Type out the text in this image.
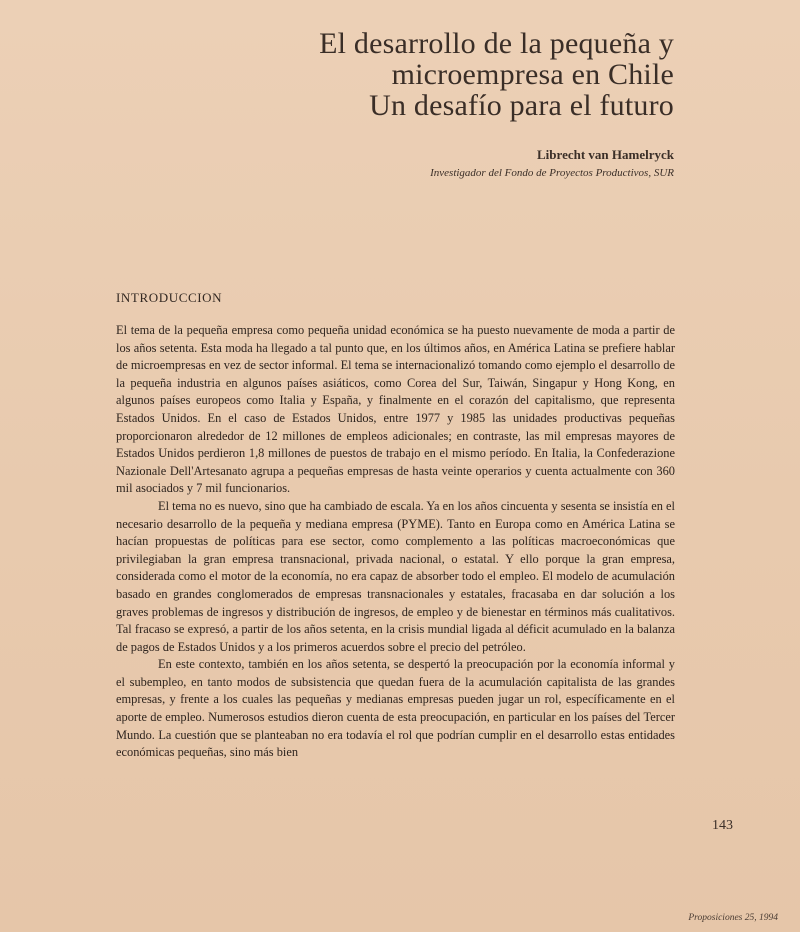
El desarrollo de la pequeña y
microempresa en Chile
Un desafío para el futuro
Librecht van Hamelryck
Investigador del Fondo de Proyectos Productivos, SUR
INTRODUCCION

El tema de la pequeña empresa como pequeña unidad económica se ha puesto nuevamente de moda a partir de los años setenta. Esta moda ha llegado a tal punto que, en los últimos años, en América Latina se prefiere hablar de microempresas en vez de sector informal. El tema se internacionalizó tomando como ejemplo el desarrollo de la pequeña industria en algunos países asiáticos, como Corea del Sur, Taiwán, Singapur y Hong Kong, en algunos países europeos como Italia y España, y finalmente en el corazón del capitalismo, que representa Estados Unidos. En el caso de Estados Unidos, entre 1977 y 1985 las unidades productivas pequeñas proporcionaron alrededor de 12 millones de empleos adicionales; en contraste, las mil empresas mayores de Estados Unidos perdieron 1,8 millones de puestos de trabajo en el mismo período. En Italia, la Confederazione Nazionale Dell'Artesanato agrupa a pequeñas empresas de hasta veinte operarios y cuenta actualmente con 360 mil asociados y 7 mil funcionarios.

El tema no es nuevo, sino que ha cambiado de escala. Ya en los años cincuenta y sesenta se insistía en el necesario desarrollo de la pequeña y mediana empresa (PYME). Tanto en Europa como en América Latina se hacían propuestas de políticas para ese sector, como complemento a las políticas macroeconómicas que privilegiaban la gran empresa transnacional, privada nacional, o estatal. Y ello porque la gran empresa, considerada como el motor de la economía, no era capaz de absorber todo el empleo. El modelo de acumulación basado en grandes conglomerados de empresas transnacionales y estatales, fracasaba en dar solución a los graves problemas de ingresos y distribución de ingresos, de empleo y de bienestar en términos más cualitativos. Tal fracaso se expresó, a partir de los años setenta, en la crisis mundial ligada al déficit acumulado en la balanza de pagos de Estados Unidos y a los primeros acuerdos sobre el precio del petróleo.

En este contexto, también en los años setenta, se despertó la preocupación por la economía informal y el subempleo, en tanto modos de subsistencia que quedan fuera de la acumulación capitalista de las grandes empresas, y frente a los cuales las pequeñas y medianas empresas pueden jugar un rol, específicamente en el aporte de empleo. Numerosos estudios dieron cuenta de esta preocupación, en particular en los países del Tercer Mundo. La cuestión que se planteaban no era todavía el rol que podrían cumplir en el desarrollo estas entidades económicas pequeñas, sino más bien

143
Proposiciones 25, 1994
